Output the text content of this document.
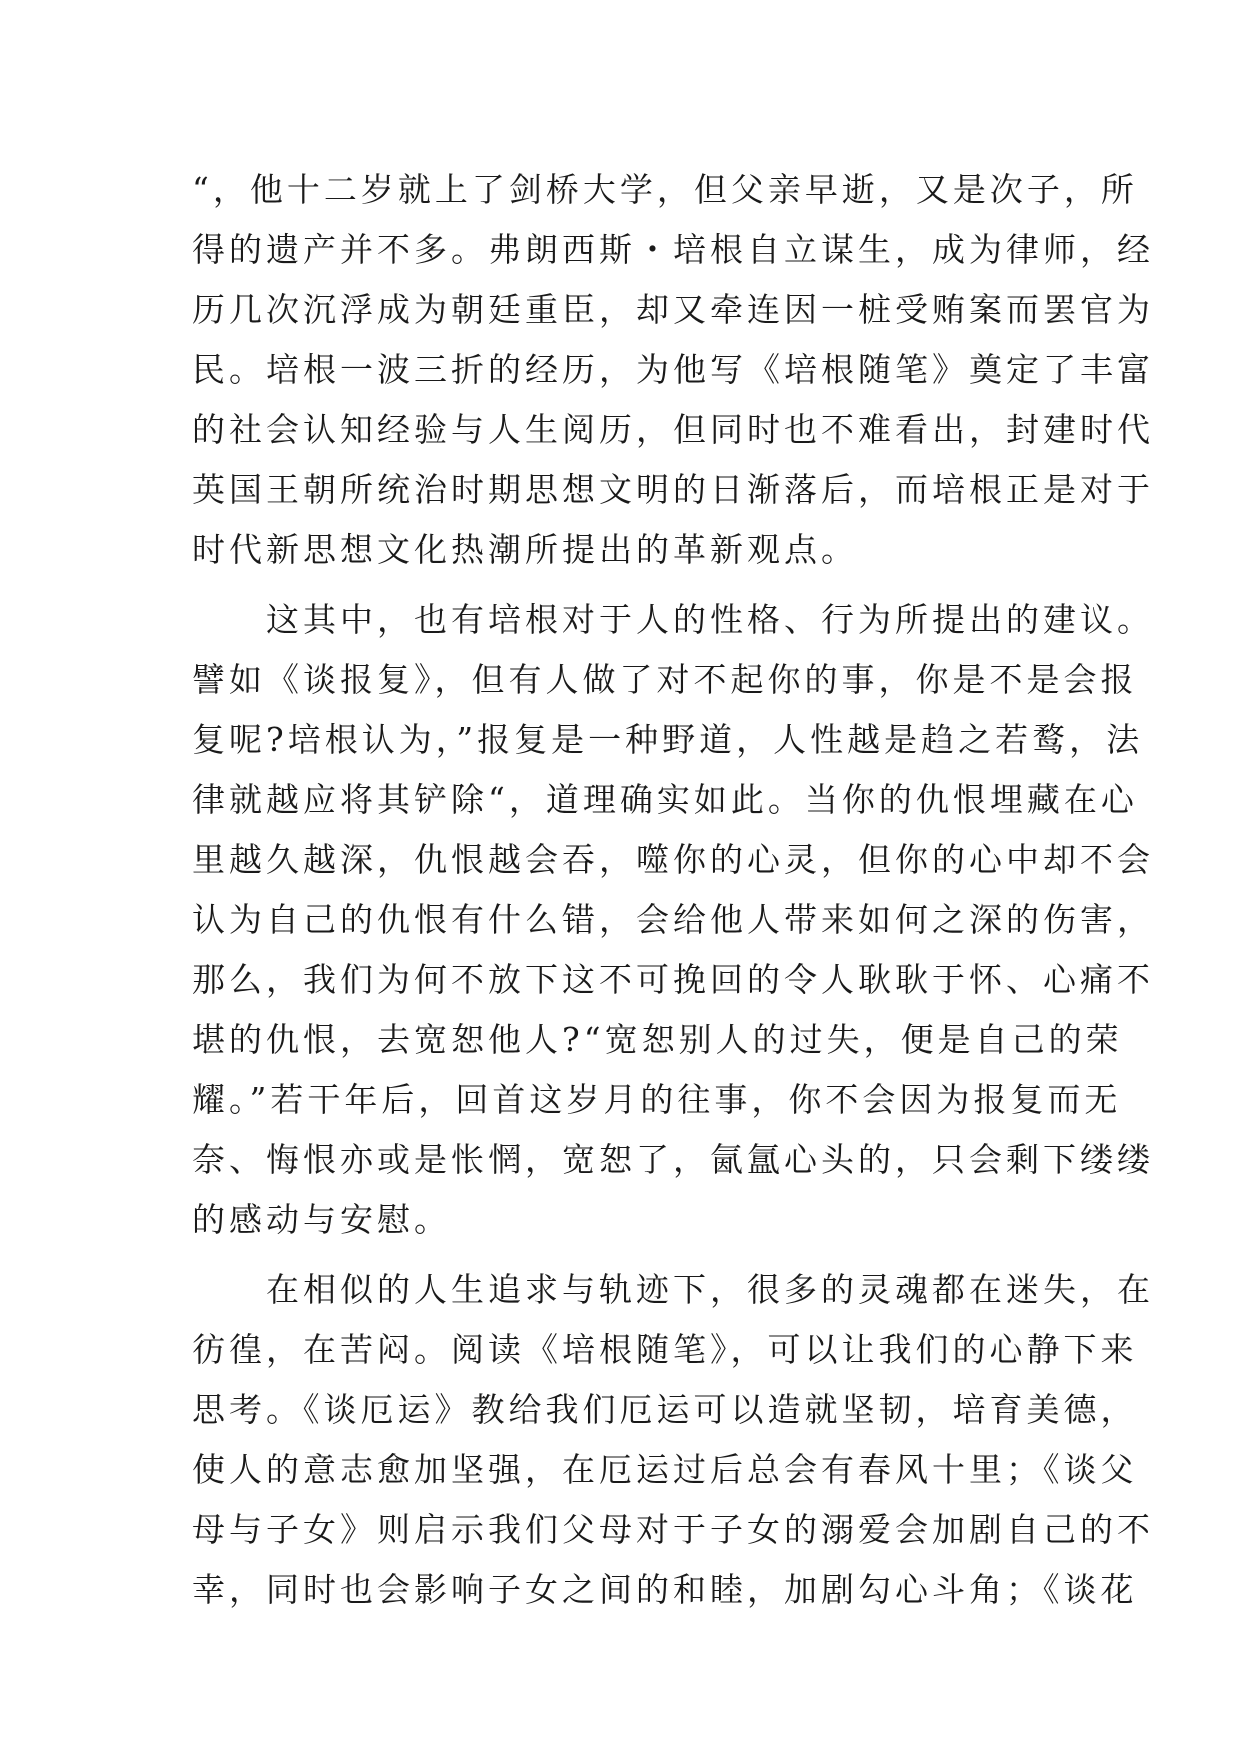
“，他十二岁就上了剑桥大学，但父亲早逝，又是次子，所
得的遗产并不多。弗朗西斯・培根自立谋生，成为律师，经
历几次沉浮成为朝廷重臣，却又牵连因一桩受贿案而罢官为
民。培根一波三折的经历，为他写《培根随笔》奠定了丰富
的社会认知经验与人生阅历，但同时也不难看出，封建时代
英国王朝所统治时期思想文明的日渐落后，而培根正是对于
时代新思想文化热潮所提出的革新观点。
　　这其中，也有培根对于人的性格、行为所提出的建议。
譬如《谈报复》，但有人做了对不起你的事，你是不是会报
复呢?培根认为，”报复是一种野道，人性越是趋之若鹜，法
律就越应将其铲除“，道理确实如此。当你的仇恨埋藏在心
里越久越深，仇恨越会吞，噬你的心灵，但你的心中却不会
认为自己的仇恨有什么错，会给他人带来如何之深的伤害，
那么，我们为何不放下这不可挽回的令人耿耿于怀、心痛不
堪的仇恨，去宽恕他人?“宽恕别人的过失，便是自己的荣
耀。”若干年后，回首这岁月的往事，你不会因为报复而无
奈、悔恨亦或是怅惘，宽恕了，氤氲心头的，只会剩下缕缕
的感动与安慰。
　　在相似的人生追求与轨迹下，很多的灵魂都在迷失，在
彷徨，在苦闷。阅读《培根随笔》，可以让我们的心静下来
思考。《谈厄运》教给我们厄运可以造就坚韧，培育美德，
使人的意志愈加坚强，在厄运过后总会有春风十里；《谈父
母与子女》则启示我们父母对于子女的溺爱会加剧自己的不
幸，同时也会影响子女之间的和睦，加剧勾心斗角；《谈花
